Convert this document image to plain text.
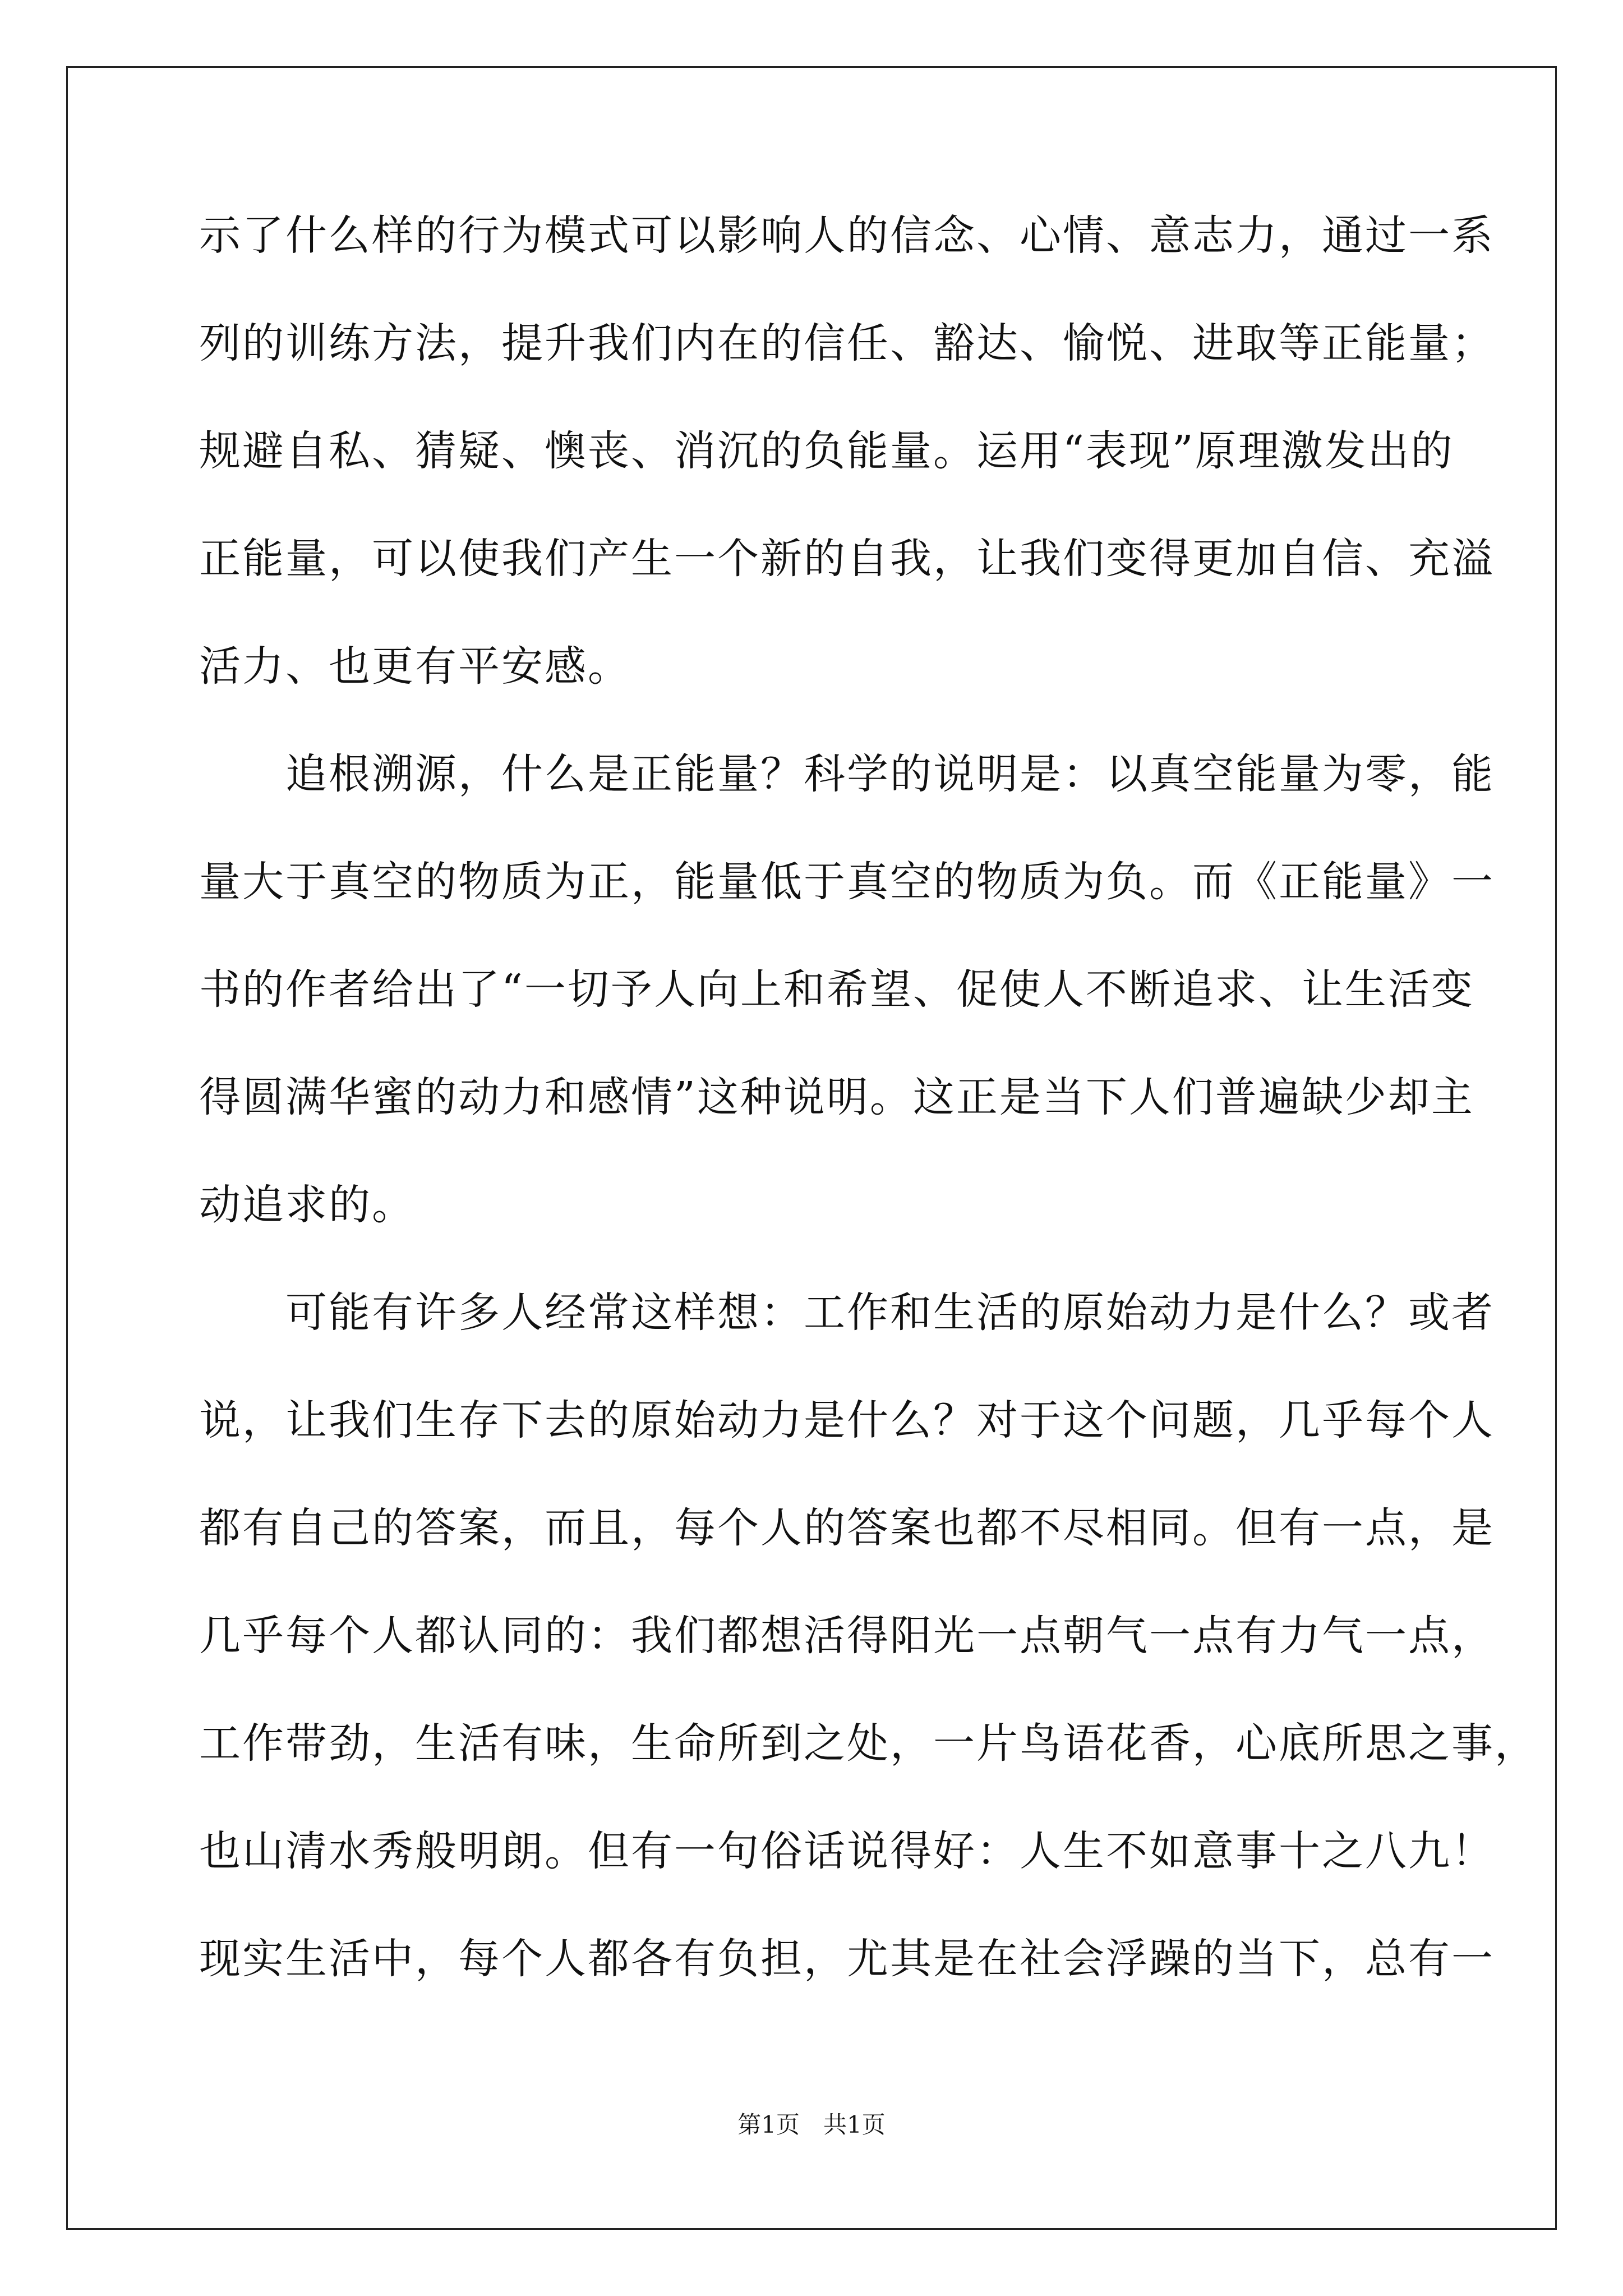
示了什么样的行为模式可以影响人的信念、心情、意志力，通过一系
列的训练方法，提升我们内在的信任、豁达、愉悦、进取等正能量；
规避自私、猜疑、懊丧、消沉的负能量。运用“表现”原理激发出的
正能量，可以使我们产生一个新的自我，让我们变得更加自信、充溢
活力、也更有平安感。
　　追根溯源，什么是正能量？科学的说明是：以真空能量为零，能
量大于真空的物质为正，能量低于真空的物质为负。而《正能量》一
书的作者给出了“一切予人向上和希望、促使人不断追求、让生活变
得圆满华蜜的动力和感情”这种说明。这正是当下人们普遍缺少却主
动追求的。
　　可能有许多人经常这样想：工作和生活的原始动力是什么？或者
说，让我们生存下去的原始动力是什么？对于这个问题，几乎每个人
都有自己的答案，而且，每个人的答案也都不尽相同。但有一点，是
几乎每个人都认同的：我们都想活得阳光一点朝气一点有力气一点，
工作带劲，生活有味，生命所到之处，一片鸟语花香，心底所思之事，
也山清水秀般明朗。但有一句俗话说得好：人生不如意事十之八九！
现实生活中，每个人都各有负担，尤其是在社会浮躁的当下，总有一
第1页　共1页
